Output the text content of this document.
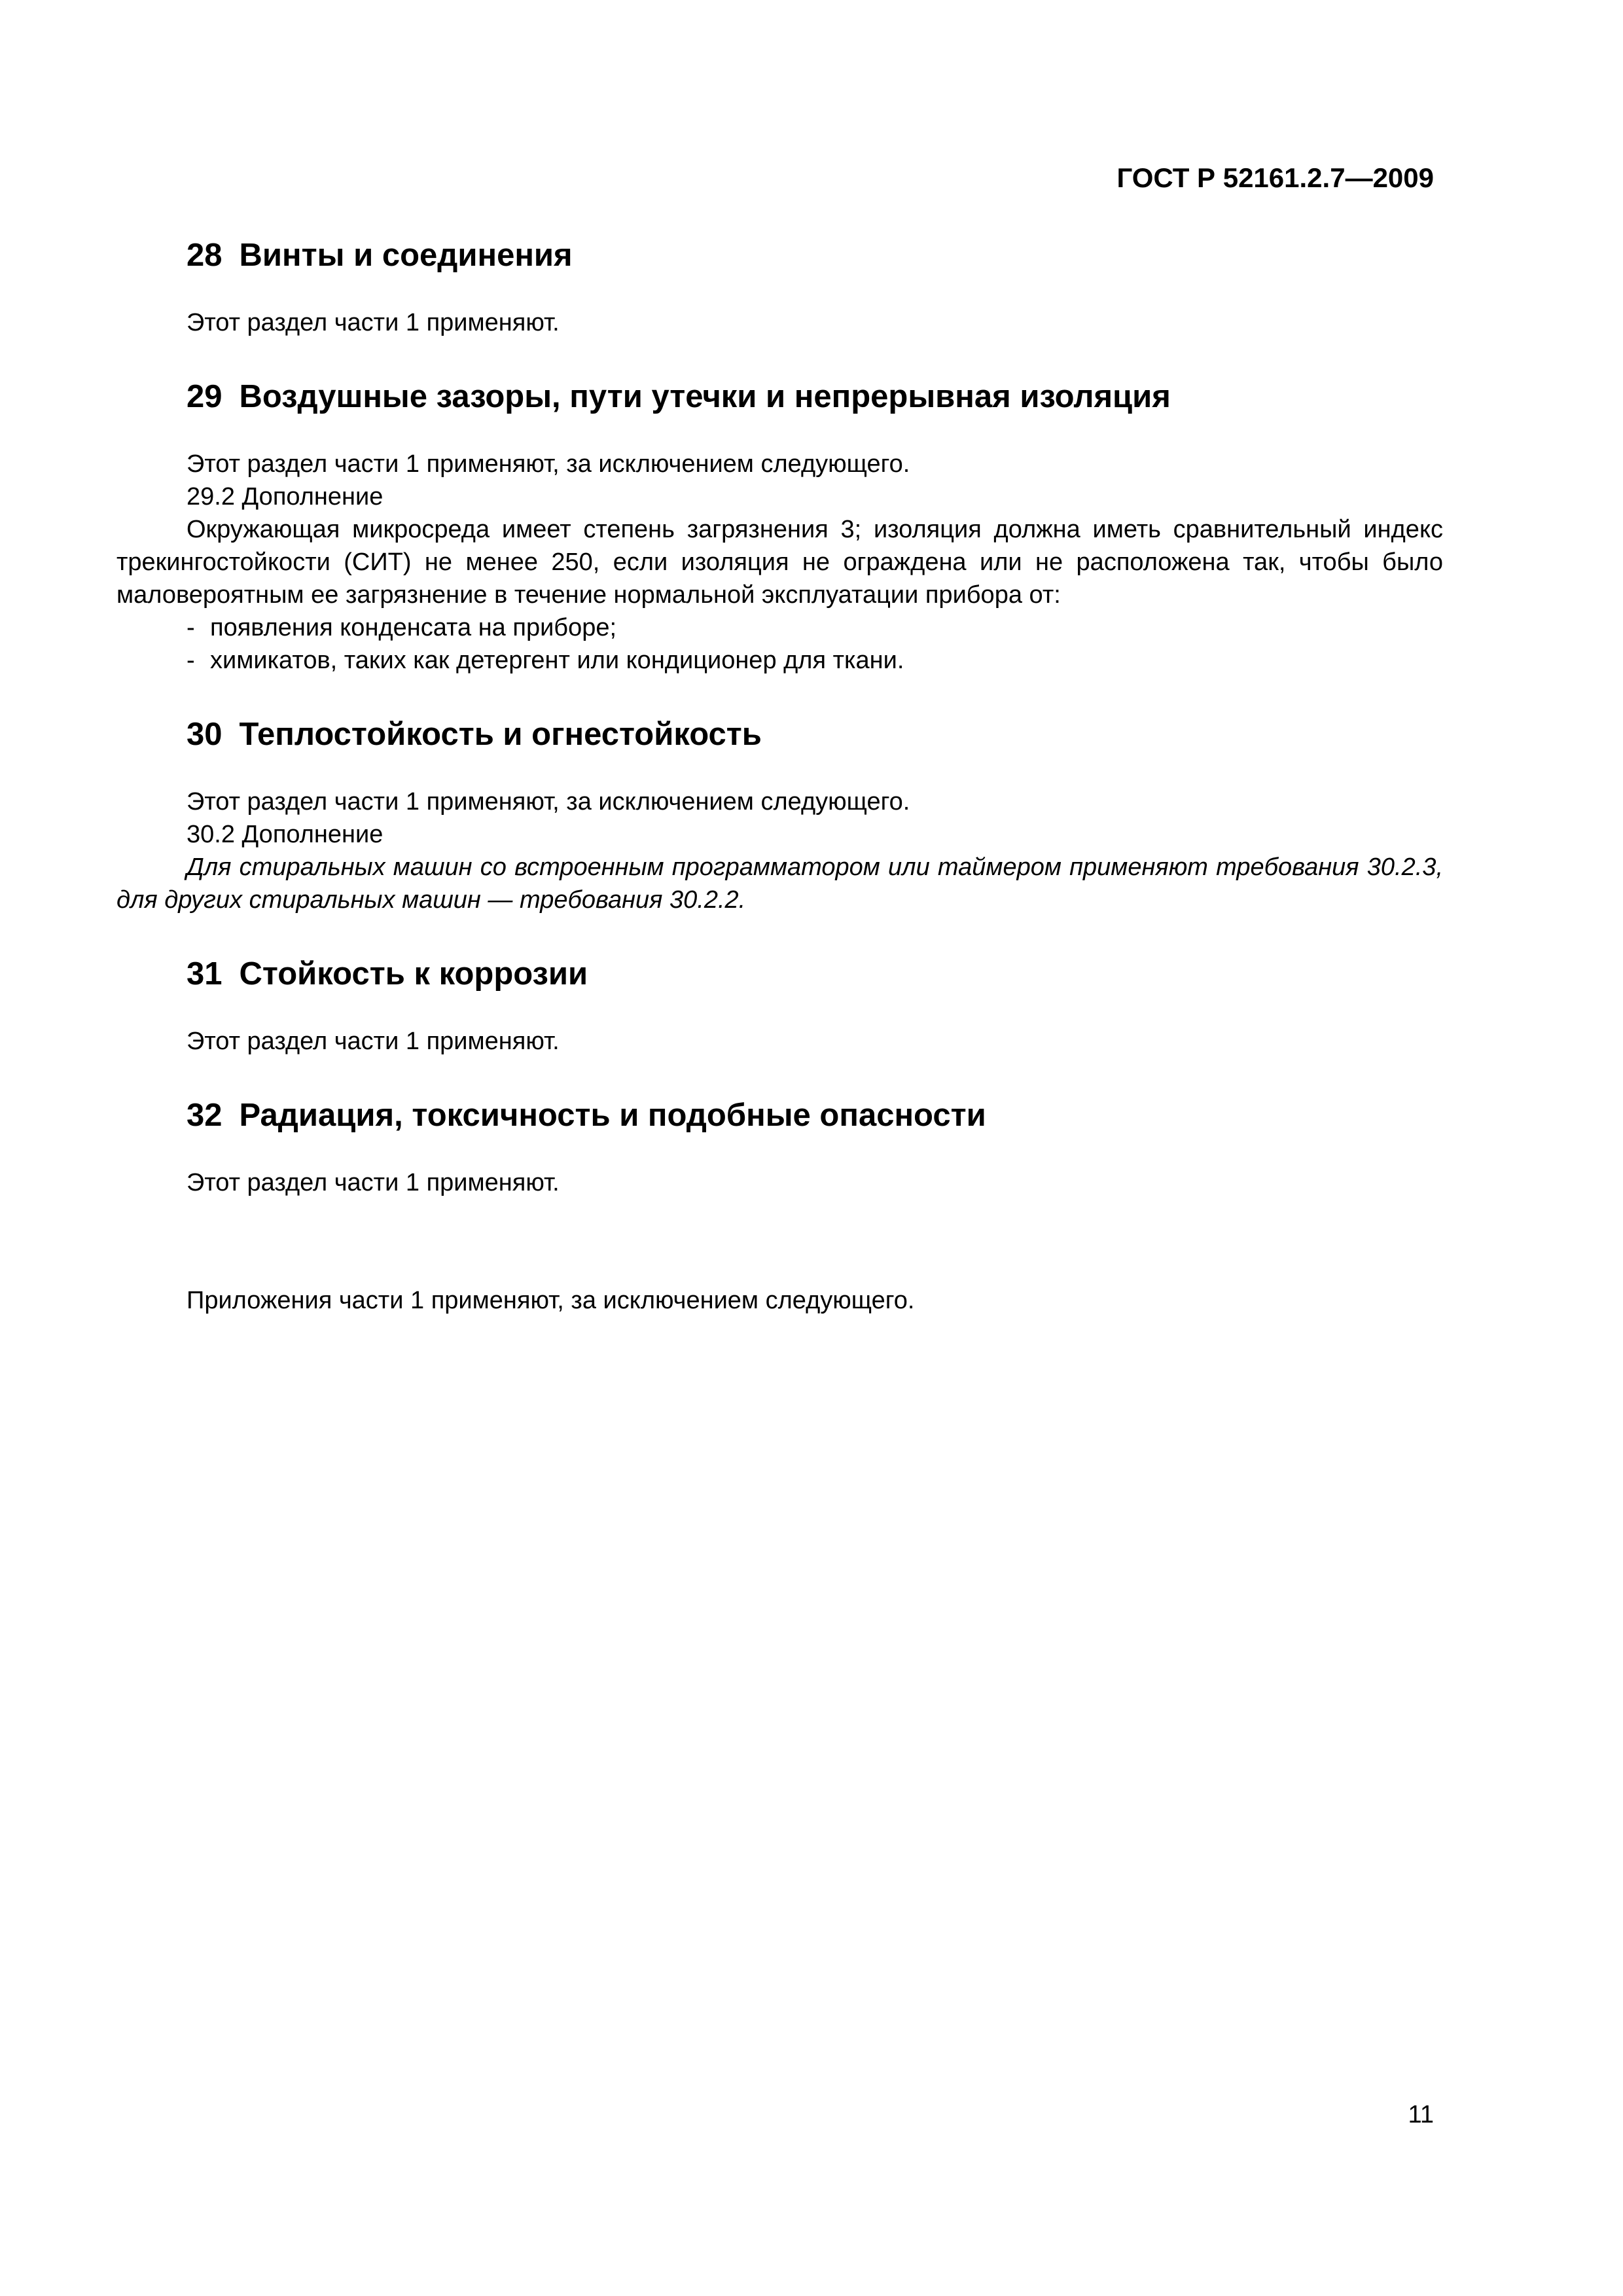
ГОСТ Р 52161.2.7—2009
28 Винты и соединения

Этот раздел части 1 применяют.

29 Воздушные зазоры, пути утечки и непрерывная изоляция

Этот раздел части 1 применяют, за исключением следующего.

29.2 Дополнение

Окружающая микросреда имеет степень загрязнения 3; изоляция должна иметь сравнительный индекс трекингостойкости (СИТ) не менее 250, если изоляция не ограждена или не расположена так, чтобы было маловероятным ее загрязнение в течение нормальной эксплуатации прибора от:

- появления конденсата на приборе;

- химикатов, таких как детергент или кондиционер для ткани.

30 Теплостойкость и огнестойкость

Этот раздел части 1 применяют, за исключением следующего.

30.2 Дополнение

Для стиральных машин со встроенным программатором или таймером применяют требования 30.2.3, для других стиральных машин — требования 30.2.2.

31 Стойкость к коррозии

Этот раздел части 1 применяют.

32 Радиация, токсичность и подобные опасности

Этот раздел части 1 применяют.

Приложения части 1 применяют, за исключением следующего.

11
